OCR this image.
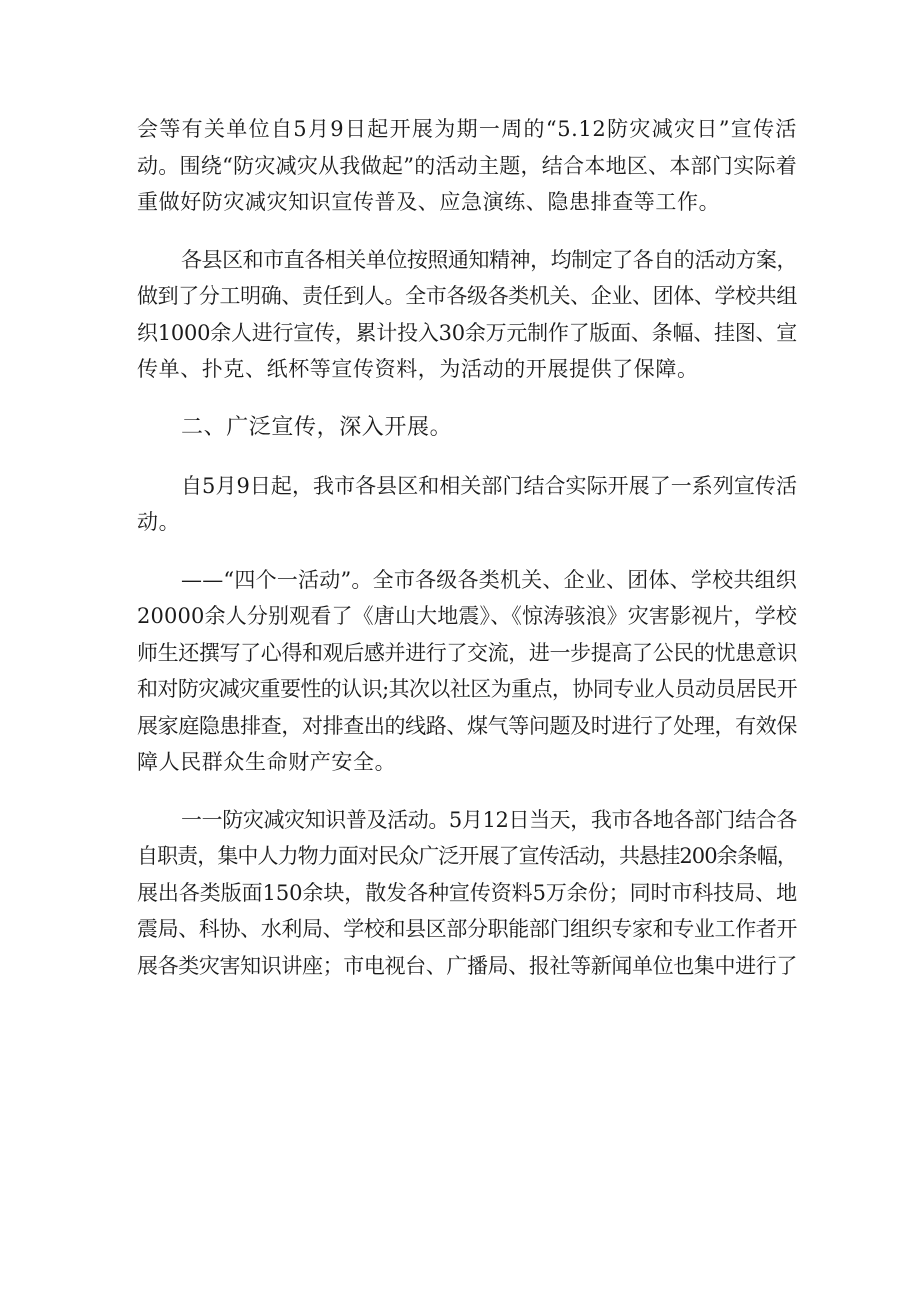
会等有关单位自5月9日起开展为期一周的“5.12防灾减灾日”宣传活
动。围绕“防灾减灾从我做起”的活动主题，结合本地区、本部门实际着
重做好防灾减灾知识宣传普及、应急演练、隐患排查等工作。

各县区和市直各相关单位按照通知精神，均制定了各自的活动方案，
做到了分工明确、责任到人。全市各级各类机关、企业、团体、学校共组
织1000余人进行宣传，累计投入30余万元制作了版面、条幅、挂图、宣
传单、扑克、纸杯等宣传资料，为活动的开展提供了保障。

二、广泛宣传，深入开展。

自5月9日起，我市各县区和相关部门结合实际开展了一系列宣传活
动。

——“四个一活动”。全市各级各类机关、企业、团体、学校共组织
20000余人分别观看了《唐山大地震》、《惊涛骇浪》灾害影视片，学校
师生还撰写了心得和观后感并进行了交流，进一步提高了公民的忧患意识
和对防灾减灾重要性的认识;其次以社区为重点，协同专业人员动员居民开
展家庭隐患排查，对排查出的线路、煤气等问题及时进行了处理，有效保
障人民群众生命财产安全。

一一防灾减灾知识普及活动。5月12日当天，我市各地各部门结合各
自职责，集中人力物力面对民众广泛开展了宣传活动，共悬挂200余条幅，
展出各类版面150余块，散发各种宣传资料5万余份；同时市科技局、地
震局、科协、水利局、学校和县区部分职能部门组织专家和专业工作者开
展各类灾害知识讲座；市电视台、广播局、报社等新闻单位也集中进行了
